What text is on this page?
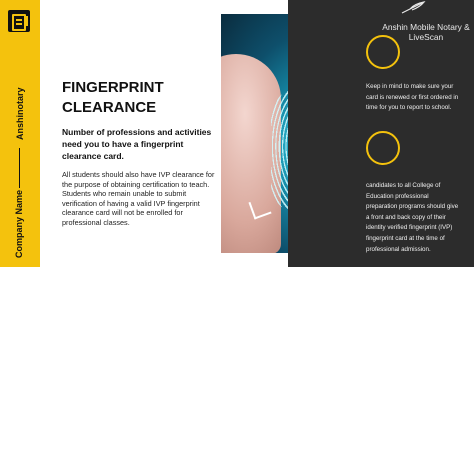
Anshinotary
Company Name
FINGERPRINT CLEARANCE
Number of professions and activities need you to have a fingerprint clearance card.
All students should also have IVP clearance for the purpose of obtaining certification to teach. Students who remain unable to submit verification of having a valid IVP fingerprint clearance card will not be enrolled for professional classes.
Anshin Mobile Notary & LiveScan
Keep in mind to make sure your card is renewed or first ordered in time for you to report to school.
candidates to all College of Education professional preparation programs should give a front and back copy of their identity verified fingerprint (IVP) fingerprint card at the time of professional admission.
